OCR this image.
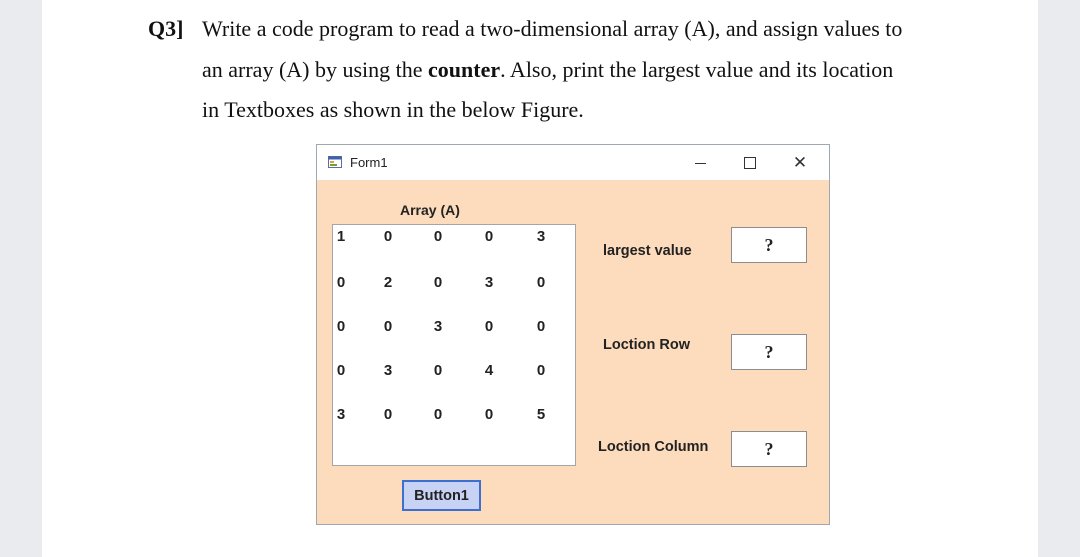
Q3] Write a code program to read a two-dimensional array (A), and assign values to
an array (A) by using the counter. Also, print the largest value and its location
in Textboxes as shown in the below Figure.
Form1	✕
Array (A)
1	0	0	0	3
0	2	0	3	0
0	0	3	0	0
0	3	0	4	0
3	0	0	0	5
largest value	?
Loction Row	?
Loction Column	?
Button1
